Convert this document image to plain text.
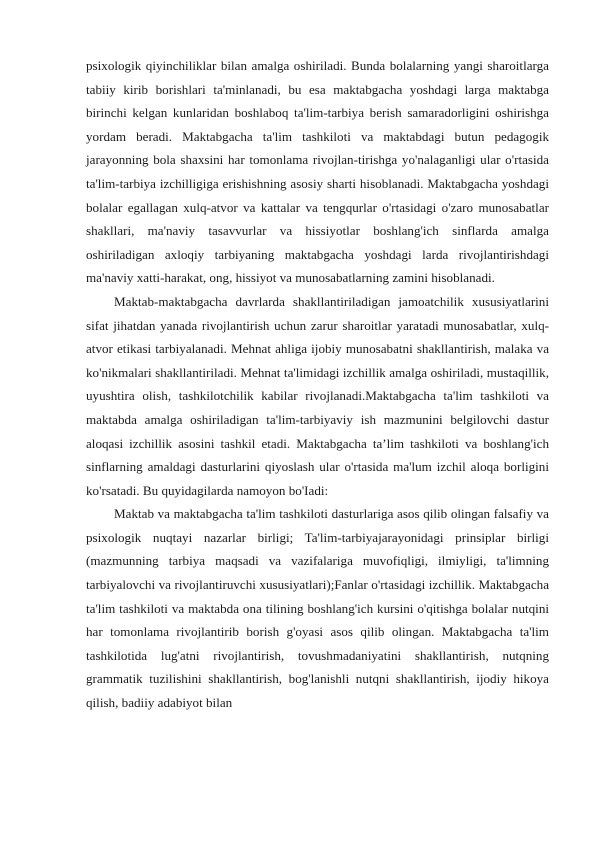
psixologik qiyinchiliklar bilan amalga oshiriladi. Bunda bolalarning yangi sharoitlarga tabiiy kirib borishlari ta'minlanadi, bu esa maktabgacha yoshdagi larga maktabga birinchi kelgan kunlaridan boshlaboq ta'lim-tarbiya berish samaradorligini oshirishga yordam beradi. Maktabgacha ta'lim tashkiloti va maktabdagi butun pedagogik jarayonning bola shaxsini har tomonlama rivojlan-tirishga yo'nalaganligi ular o'rtasida ta'lim-tarbiya izchilligiga erishishning asosiy sharti hisoblanadi. Maktabgacha yoshdagi bolalar egallagan xulq-atvor va kattalar va tengqurlar o'rtasidagi o'zaro munosabatlar shakllari, ma'naviy tasavvurlar va hissiyotlar boshlang'ich sinflarda amalga oshiriladigan axloqiy tarbiyaning maktabgacha yoshdagi larda rivojlantirishdagi ma'naviy xatti-harakat, ong, hissiyot va munosabatlarning zamini hisoblanadi.

Maktab-maktabgacha davrlarda shakllantiriladigan jamoatchilik xususiyatlarini sifat jihatdan yanada rivojlantirish uchun zarur sharoitlar yaratadi munosabatlar, xulq-atvor etikasi tarbiyalanadi. Mehnat ahliga ijobiy munosabatni shakllantirish, malaka va ko'nikmalari shakllantiriladi. Mehnat ta'limidagi izchillik amalga oshiriladi, mustaqillik, uyushtira olish, tashkilotchilik kabilar rivojlanadi.Maktabgacha ta'lim tashkiloti va maktabda amalga oshiriladigan ta'lim-tarbiyaviy ish mazmunini belgilovchi dastur aloqasi izchillik asosini tashkil etadi. Maktabgacha ta’lim tashkiloti va boshlang'ich sinflarning amaldagi dasturlarini qiyoslash ular o'rtasida ma'lum izchil aloqa borligini ko'rsatadi. Bu quyidagilarda namoyon bo'Iadi:

Maktab va maktabgacha ta'lim tashkiloti dasturlariga asos qilib olingan falsafiy va psixologik nuqtayi nazarlar birligi; Ta'lim-tarbiyajarayonidagi prinsiplar birligi (mazmunning tarbiya maqsadi va vazifalariga muvofiqligi, ilmiyligi, ta'limning tarbiyalovchi va rivojlantiruvchi xususiyatlari);Fanlar o'rtasidagi izchillik. Maktabgacha ta'lim tashkiloti va maktabda ona tilining boshlang'ich kursini o'qitishga bolalar nutqini har tomonlama rivojlantirib borish g'oyasi asos qilib olingan. Maktabgacha ta'lim tashkilotida lug'atni rivojlantirish, tovushmadaniyatini shakllantirish, nutqning grammatik tuzilishini shakllantirish, bog'lanishli nutqni shakllantirish, ijodiy hikoya qilish, badiiy adabiyot bilan
